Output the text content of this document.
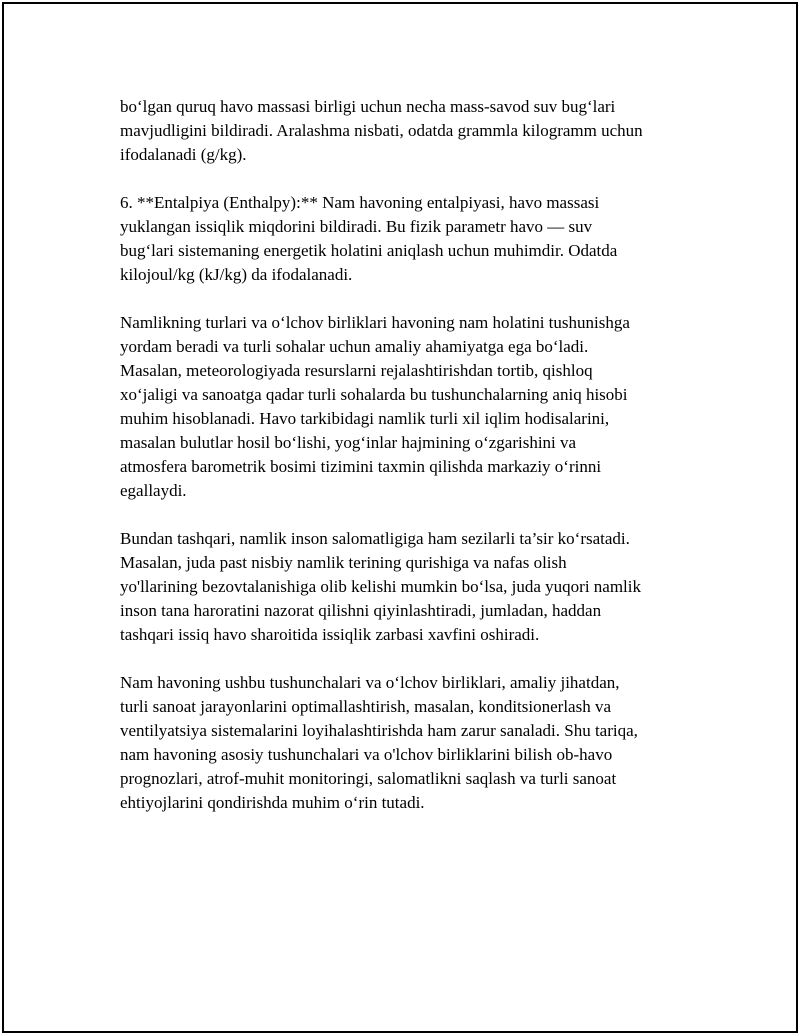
bo‘lgan quruq havo massasi birligi uchun necha mass-savod suv bug‘lari
mavjudligini bildiradi. Aralashma nisbati, odatda grammla kilogramm uchun
ifodalanadi (g/kg).

6. **Entalpiya (Enthalpy):** Nam havoning entalpiyasi, havo massasi
yuklangan issiqlik miqdorini bildiradi. Bu fizik parametr havo — suv
bug‘lari sistemaning energetik holatini aniqlash uchun muhimdir. Odatda
kilojoul/kg (kJ/kg) da ifodalanadi.

Namlikning turlari va o‘lchov birliklari havoning nam holatini tushunishga
yordam beradi va turli sohalar uchun amaliy ahamiyatga ega bo‘ladi.
Masalan, meteorologiyada resurslarni rejalashtirishdan tortib, qishloq
xo‘jaligi va sanoatga qadar turli sohalarda bu tushunchalarning aniq hisobi
muhim hisoblanadi. Havo tarkibidagi namlik turli xil iqlim hodisalarini,
masalan bulutlar hosil bo‘lishi, yog‘inlar hajmining o‘zgarishini va
atmosfera barometrik bosimi tizimini taxmin qilishda markaziy o‘rinni
egallaydi.

Bundan tashqari, namlik inson salomatligiga ham sezilarli ta’sir ko‘rsatadi.
Masalan, juda past nisbiy namlik terining qurishiga va nafas olish
yo'llarining bezovtalanishiga olib kelishi mumkin bo‘lsa, juda yuqori namlik
inson tana haroratini nazorat qilishni qiyinlashtiradi, jumladan, haddan
tashqari issiq havo sharoitida issiqlik zarbasi xavfini oshiradi.

Nam havoning ushbu tushunchalari va o‘lchov birliklari, amaliy jihatdan,
turli sanoat jarayonlarini optimallashtirish, masalan, konditsionerlash va
ventilyatsiya sistemalarini loyihalashtirishda ham zarur sanaladi. Shu tariqa,
nam havoning asosiy tushunchalari va o'lchov birliklarini bilish ob-havo
prognozlari, atrof-muhit monitoringi, salomatlikni saqlash va turli sanoat
ehtiyojlarini qondirishda muhim o‘rin tutadi.
